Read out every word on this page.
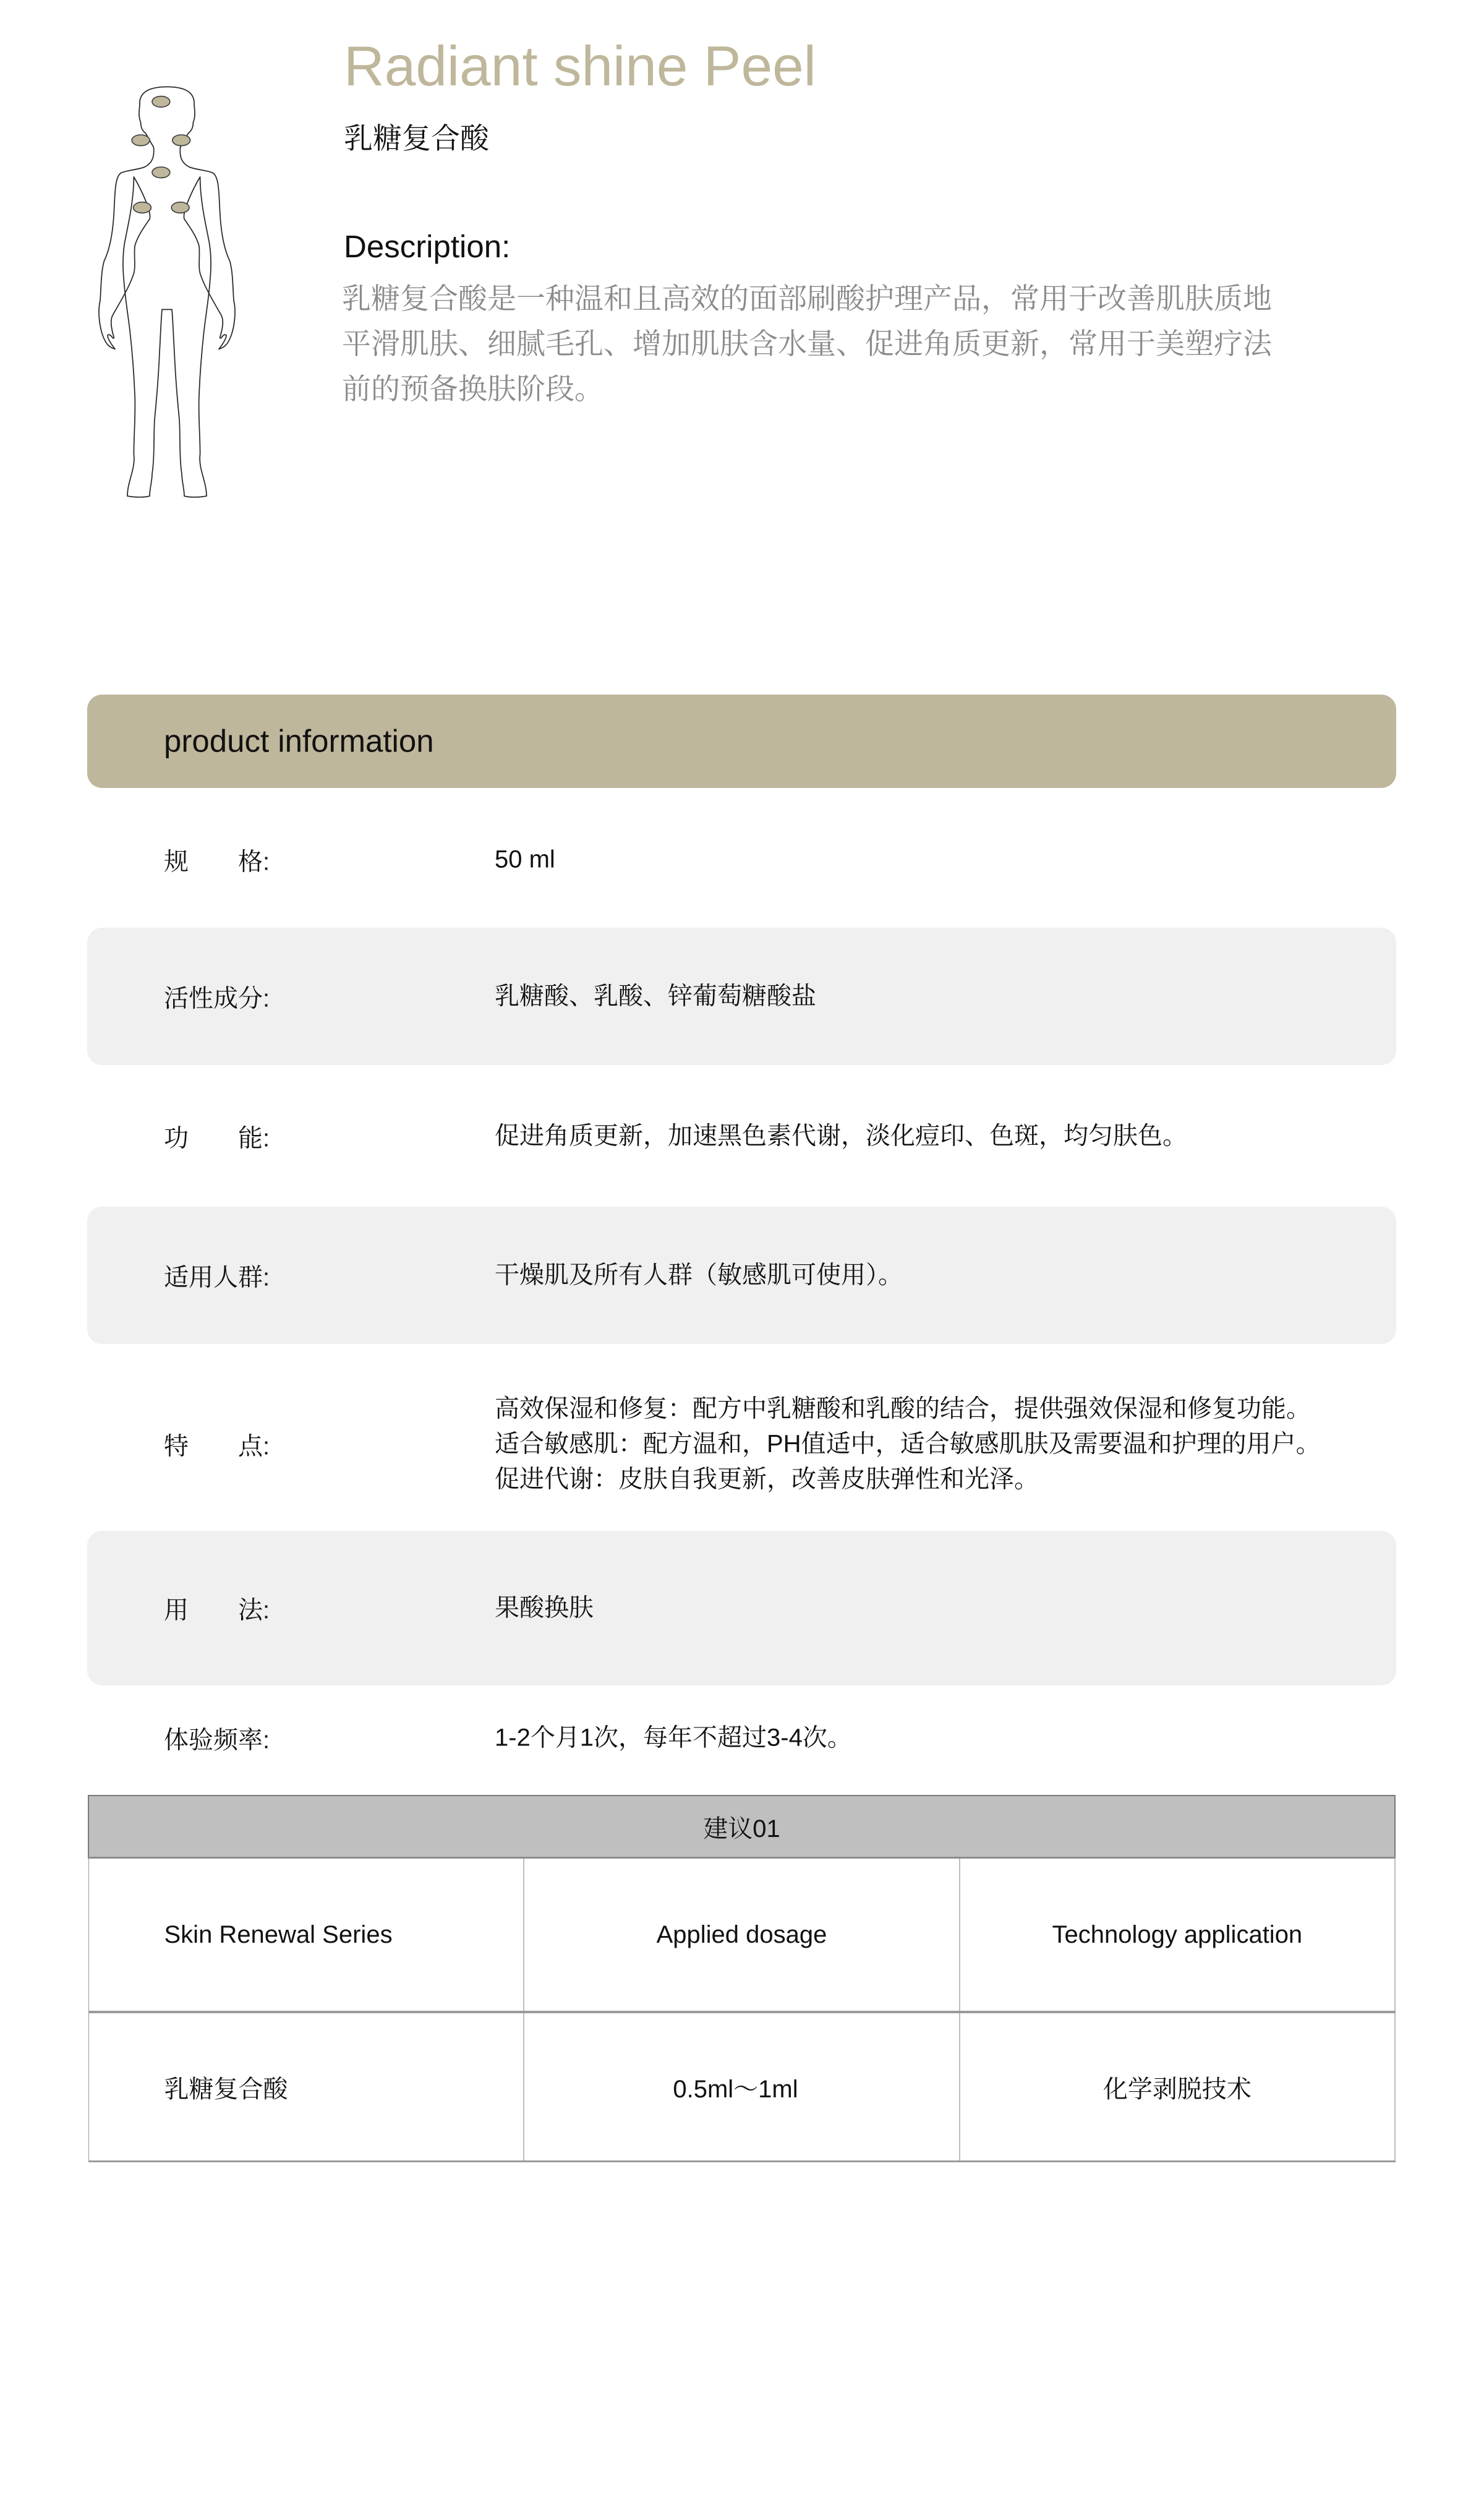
Radiant shine Peel
乳糖复合酸
Description:
乳糖复合酸是一种温和且高效的面部刷酸护理产品，常用于改善肌肤质地
平滑肌肤、细腻毛孔、增加肌肤含水量、促进角质更新，常用于美塑疗法
前的预备换肤阶段。
product information
规　　格:	50 ml
活性成分:	乳糖酸、乳酸、锌葡萄糖酸盐
功　　能:	促进角质更新，加速黑色素代谢，淡化痘印、色斑，均匀肤色。
适用人群:	干燥肌及所有人群（敏感肌可使用）。
特　　点:
高效保湿和修复：配方中乳糖酸和乳酸的结合，提供强效保湿和修复功能。
适合敏感肌：配方温和，PH值适中，适合敏感肌肤及需要温和护理的用户。
促进代谢：皮肤自我更新，改善皮肤弹性和光泽。
用　　法:	果酸换肤
体验频率:	1-2个月1次，每年不超过3-4次。
建议01		
Skin Renewal Series	Applied dosage	Technology application
乳糖复合酸	0.5ml～1ml	化学剥脱技术
